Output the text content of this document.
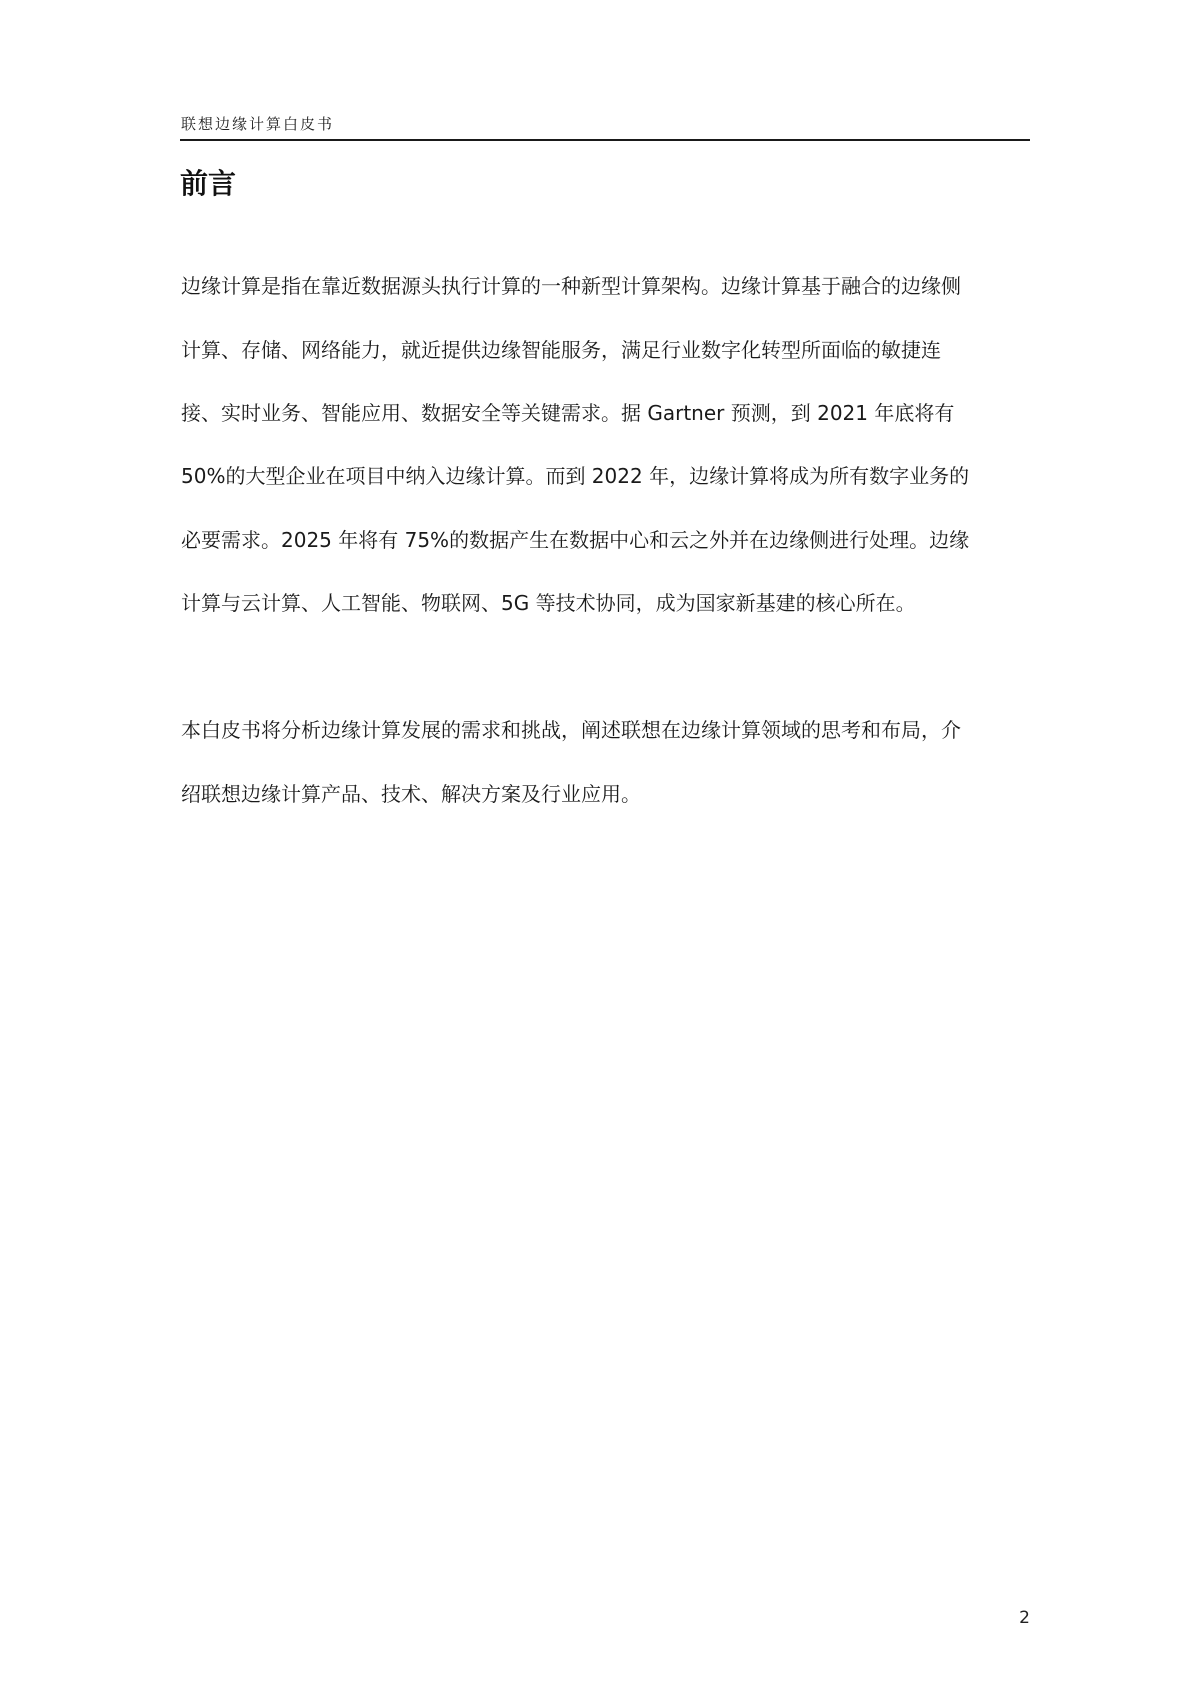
联想边缘计算白皮书
前言

边缘计算是指在靠近数据源头执行计算的一种新型计算架构。边缘计算基于融合的边缘侧

计算、存储、网络能力，就近提供边缘智能服务，满足行业数字化转型所面临的敏捷连

接、实时业务、智能应用、数据安全等关键需求。据 Gartner 预测，到 2021 年底将有

50%的大型企业在项目中纳入边缘计算。而到 2022 年，边缘计算将成为所有数字业务的

必要需求。2025 年将有 75%的数据产生在数据中心和云之外并在边缘侧进行处理。边缘

计算与云计算、人工智能、物联网、5G 等技术协同，成为国家新基建的核心所在。

本白皮书将分析边缘计算发展的需求和挑战，阐述联想在边缘计算领域的思考和布局，介

绍联想边缘计算产品、技术、解决方案及行业应用。

2
